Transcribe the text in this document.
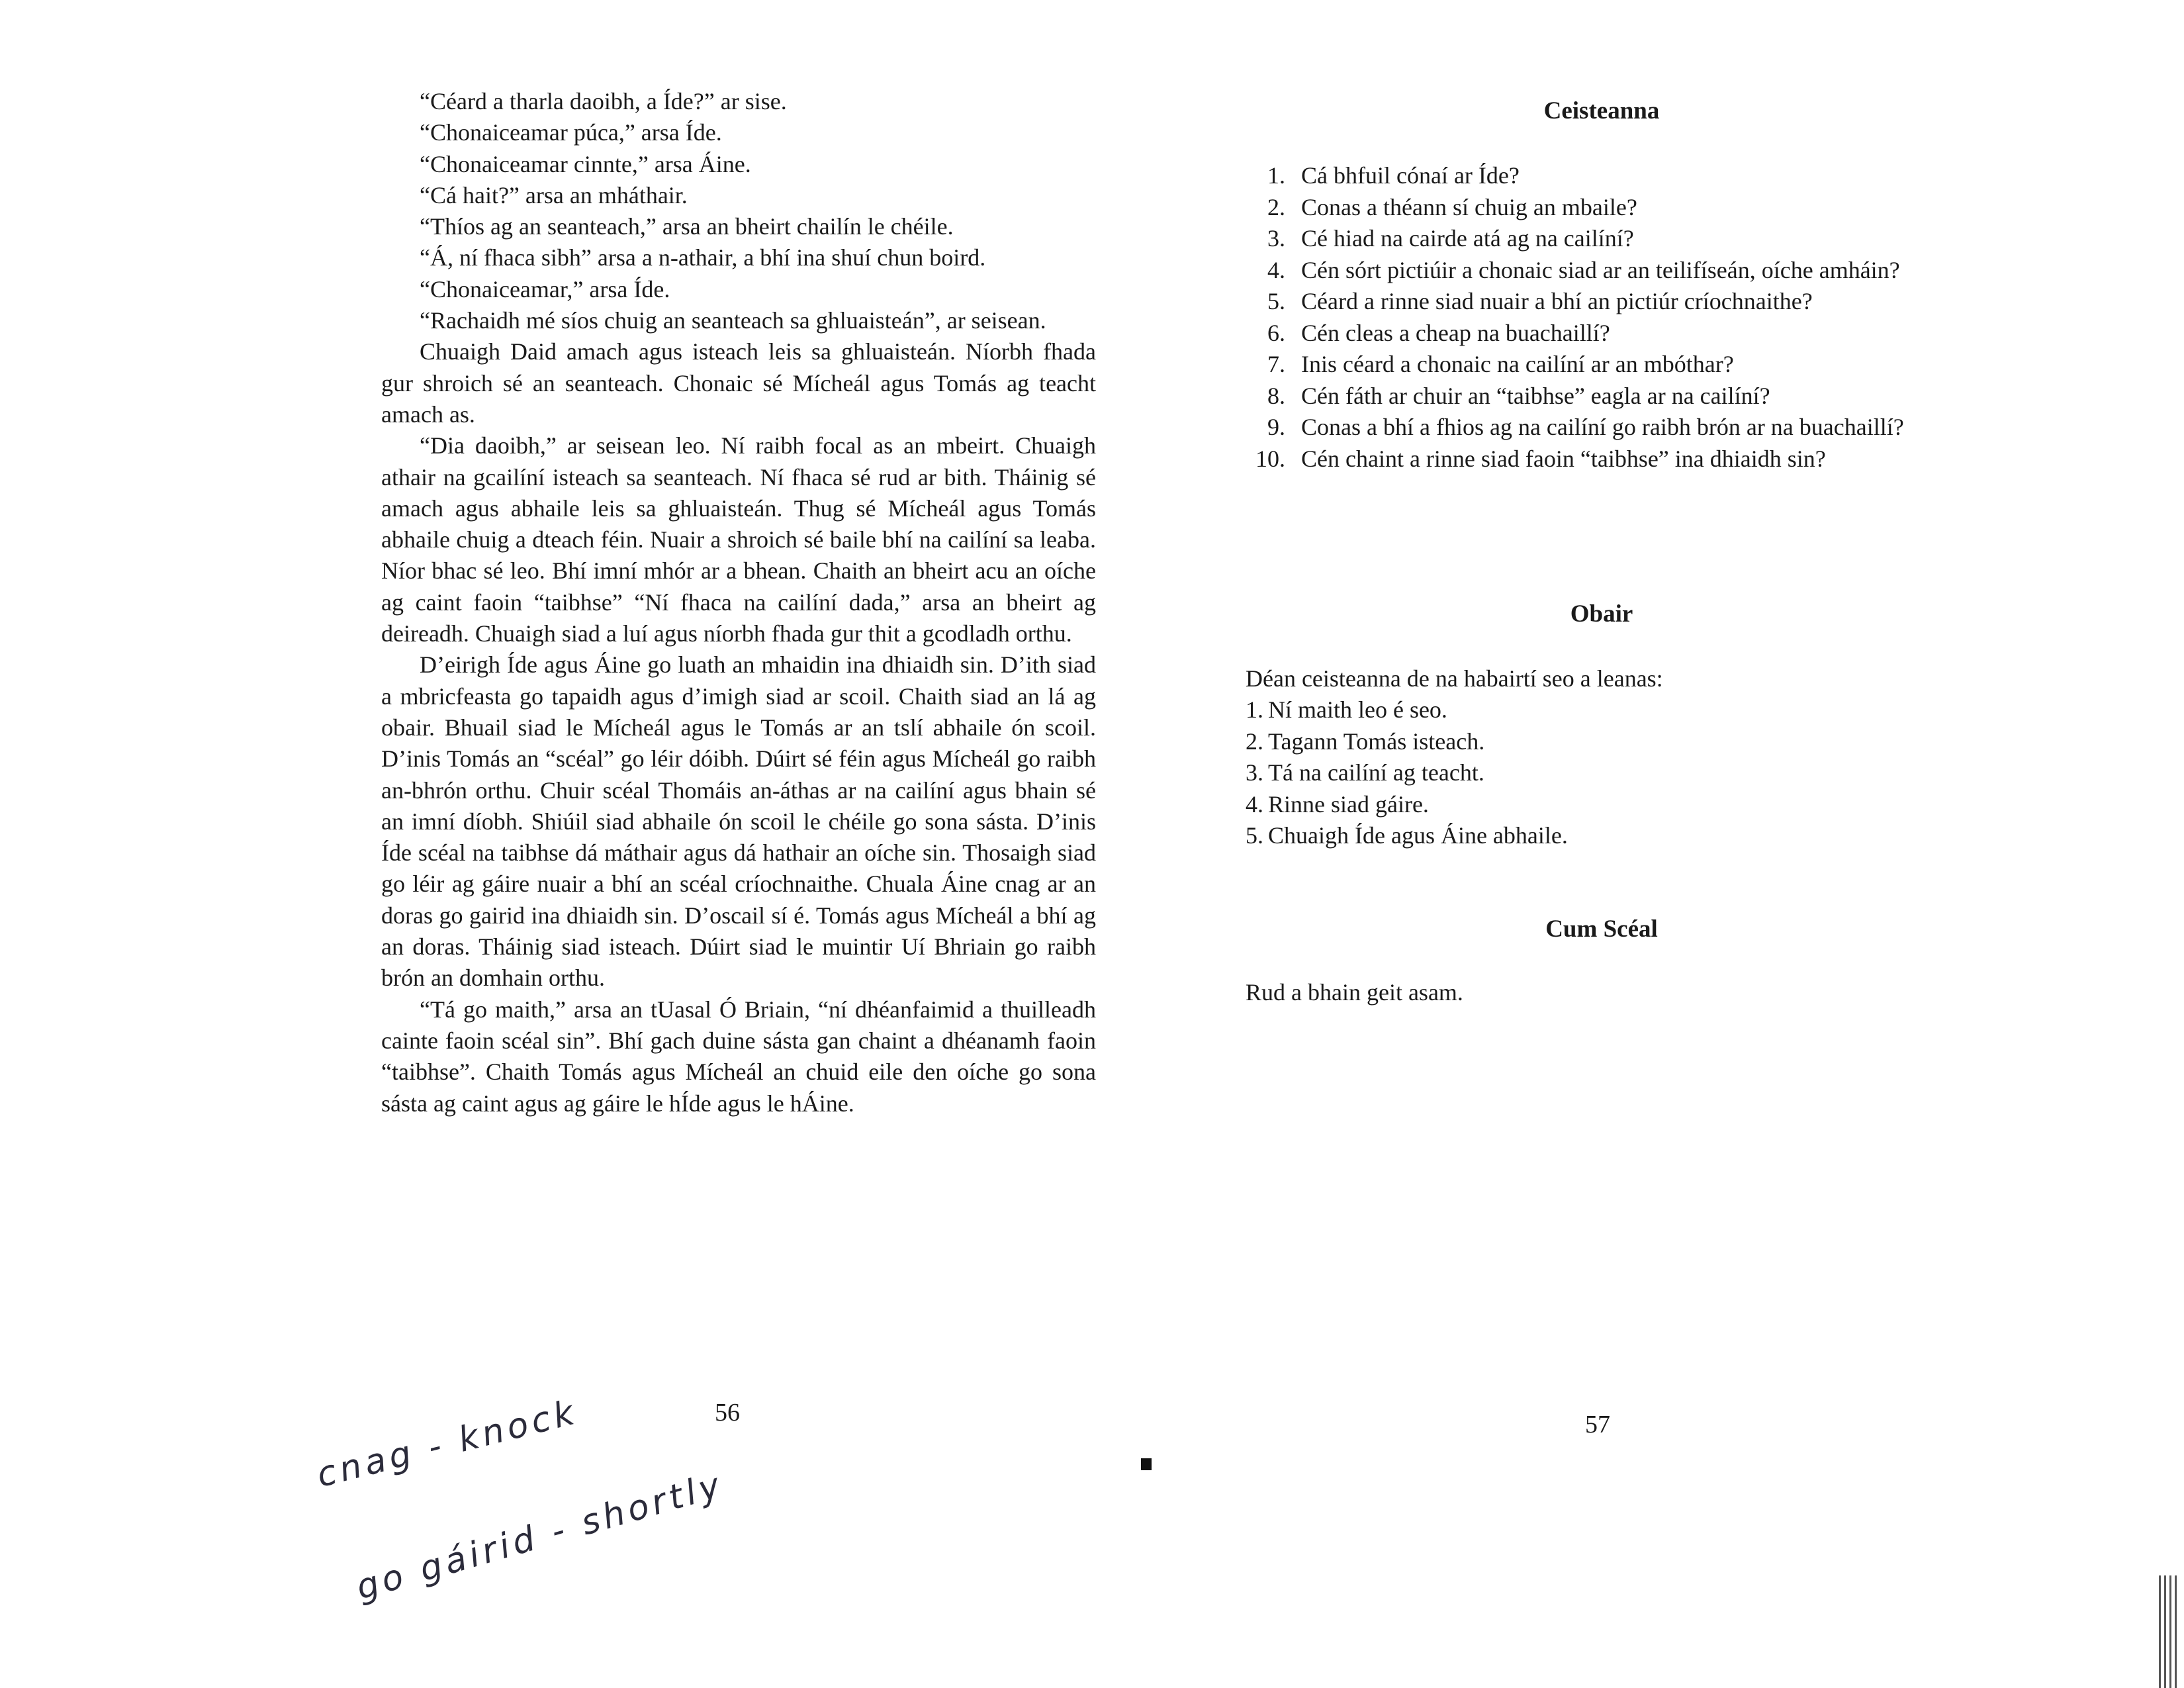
“Céard a tharla daoibh, a Íde?” ar sise.

“Chonaiceamar púca,” arsa Íde.

“Chonaiceamar cinnte,” arsa Áine.

“Cá hait?” arsa an mháthair.

“Thíos ag an seanteach,” arsa an bheirt chailín le chéile.

“Á, ní fhaca sibh” arsa a n-athair, a bhí ina shuí chun boird.

“Chonaiceamar,” arsa Íde.

“Rachaidh mé síos chuig an seanteach sa ghluaisteán”, ar seisean.

Chuaigh Daid amach agus isteach leis sa ghluaisteán. Níorbh fhada gur shroich sé an seanteach. Chonaic sé Mícheál agus Tomás ag teacht amach as.

“Dia daoibh,” ar seisean leo. Ní raibh focal as an mbeirt. Chuaigh athair na gcailíní isteach sa seanteach. Ní fhaca sé rud ar bith. Tháinig sé amach agus abhaile leis sa ghluaisteán. Thug sé Mícheál agus Tomás abhaile chuig a dteach féin. Nuair a shroich sé baile bhí na cailíní sa leaba. Níor bhac sé leo. Bhí imní mhór ar a bhean. Chaith an bheirt acu an oíche ag caint faoin “taibhse” “Ní fhaca na cailíní dada,” arsa an bheirt ag deireadh. Chuaigh siad a luí agus níorbh fhada gur thit a gcodladh orthu.

D’eirigh Íde agus Áine go luath an mhaidin ina dhiaidh sin. D’ith siad a mbricfeasta go tapaidh agus d’imigh siad ar scoil. Chaith siad an lá ag obair. Bhuail siad le Mícheál agus le Tomás ar an tslí abhaile ón scoil. D’inis Tomás an “scéal” go léir dóibh. Dúirt sé féin agus Mícheál go raibh an-bhrón orthu. Chuir scéal Thomáis an-áthas ar na cailíní agus bhain sé an imní díobh. Shiúil siad abhaile ón scoil le chéile go sona sásta. D’inis Íde scéal na taibhse dá máthair agus dá hathair an oíche sin. Thosaigh siad go léir ag gáire nuair a bhí an scéal críochnaithe. Chuala Áine cnag ar an doras go gairid ina dhiaidh sin. D’oscail sí é. Tomás agus Mícheál a bhí ag an doras. Tháinig siad isteach. Dúirt siad le muintir Uí Bhriain go raibh brón an domhain orthu.

“Tá go maith,” arsa an tUasal Ó Briain, “ní dhéanfaimid a thuilleadh cainte faoin scéal sin”. Bhí gach duine sásta gan chaint a dhéanamh faoin “taibhse”. Chaith Tomás agus Mícheál an chuid eile den oíche go sona sásta ag caint agus ag gáire le hÍde agus le hÁine.

56
Ceisteanna
1. Cá bhfuil cónaí ar Íde?
2. Conas a théann sí chuig an mbaile?
3. Cé hiad na cairde atá ag na cailíní?
4. Cén sórt pictiúir a chonaic siad ar an teilifíseán, oíche amháin?
5. Céard a rinne siad nuair a bhí an pictiúr críochnaithe?
6. Cén cleas a cheap na buachaillí?
7. Inis céard a chonaic na cailíní ar an mbóthar?
8. Cén fáth ar chuir an “taibhse” eagla ar na cailíní?
9. Conas a bhí a fhios ag na cailíní go raibh brón ar na buachaillí?
10. Cén chaint a rinne siad faoin “taibhse” ina dhiaidh sin?
Obair
Déan ceisteanna de na habairtí seo a leanas:
1. Ní maith leo é seo.
2. Tagann Tomás isteach.
3. Tá na cailíní ag teacht.
4. Rinne siad gáire.
5. Chuaigh Íde agus Áine abhaile.
Cum Scéal
Rud a bhain geit asam.
57
cnag - knock
go gáirid - shortly
